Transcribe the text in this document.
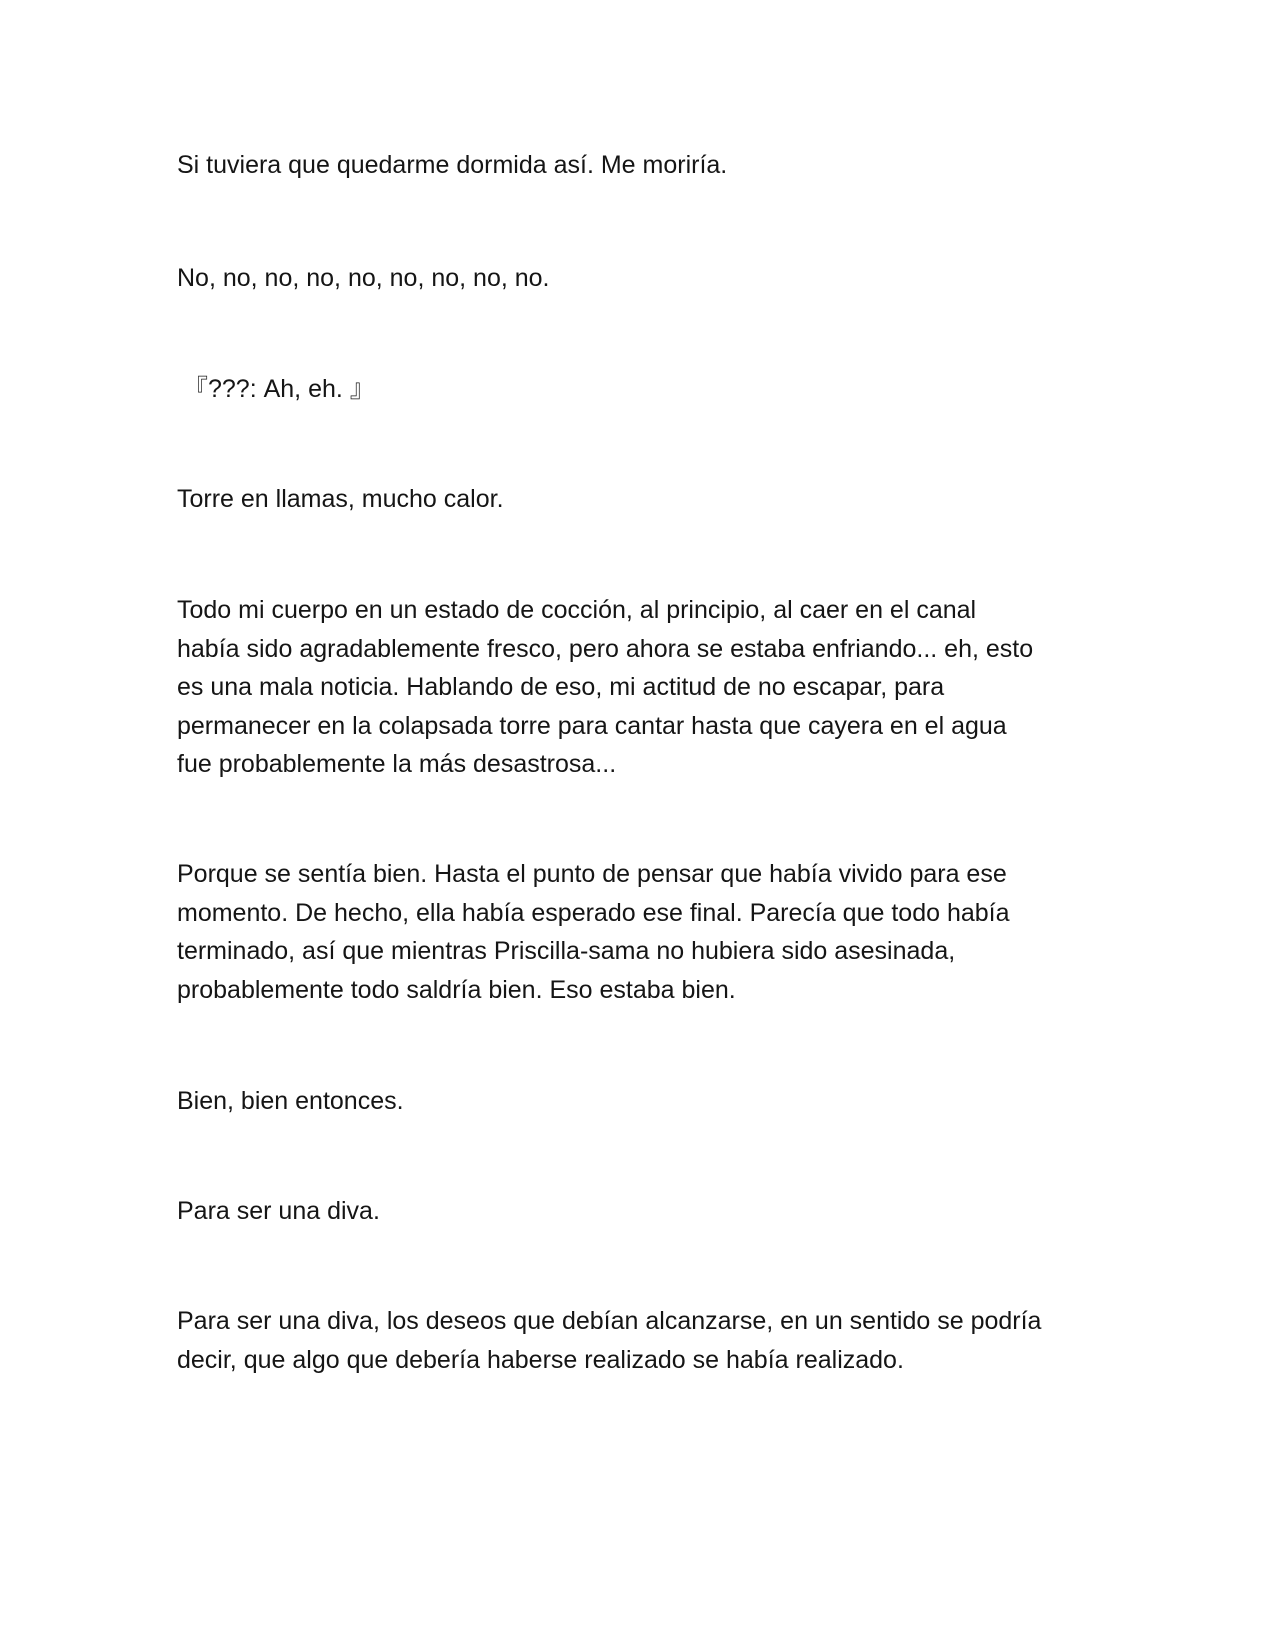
Si tuviera que quedarme dormida así. Me moriría.

No, no, no, no, no, no, no, no, no.

『???: Ah, eh. 』

Torre en llamas, mucho calor.

Todo mi cuerpo en un estado de cocción, al principio, al caer en el canal
había sido agradablemente fresco, pero ahora se estaba enfriando... eh, esto
es una mala noticia. Hablando de eso, mi actitud de no escapar, para
permanecer en la colapsada torre para cantar hasta que cayera en el agua
fue probablemente la más desastrosa...

Porque se sentía bien. Hasta el punto de pensar que había vivido para ese
momento. De hecho, ella había esperado ese final. Parecía que todo había
terminado, así que mientras Priscilla-sama no hubiera sido asesinada,
probablemente todo saldría bien. Eso estaba bien.

Bien, bien entonces.

Para ser una diva.

Para ser una diva, los deseos que debían alcanzarse, en un sentido se podría
decir, que algo que debería haberse realizado se había realizado.
